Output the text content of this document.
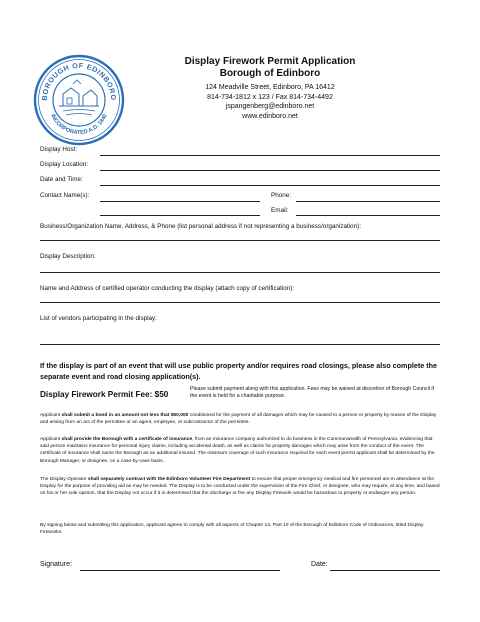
BOROUGH OF EDINBORO
INCORPORATED A.D. 1840
Display Firework Permit Application
Borough of Edinboro
124 Meadville Street, Edinboro, PA 16412
814-734-1812 x 123 / Fax 814-734-4492
jspangenberg@edinboro.net
www.edinboro.net
Display Host:
Display Location:
Date and Time:
Contact Name(s):	Phone:
Email:
Business/Organization Name, Address, & Phone (list personal address if not representing a business/organization):
Display Description:
Name and Address of certified operator conducting the display (attach copy of certification):
List of vendors participating in the display:
If the display is part of an event that will use public property and/or requires road closings, please also complete the separate event and road closing application(s).
Display Firework Permit Fee: $50
Please submit payment along with this application. Fees may be waived at discretion of Borough Council if the event is held for a charitable purpose.
Applicant shall submit a bond in an amount not less that $50,000 conditioned for the payment of all damages which may be caused to a person or property by reason of the Display and arising from an act of the permittee or an agent, employee, or subcontractor of the permittee.
Applicant shall provide the Borough with a certificate of insurance, from an insurance company authorized to do business in the Commonwealth of Pennsylvania, evidencing that said person maintains insurance for personal injury claims, including accidental death, as well as claims for property damages which may arise from the conduct of the event. The certificate of insurance shall name the Borough as an additional insured. The minimum coverage of such insurance required for each event permit applicant shall be determined by the Borough Manager, or designee, on a case-by-case basis.
The Display Operator shall separately contract with the Edinboro Volunteer Fire Department to ensure that proper emergency medical and fire personnel are in attendance at the Display for the purpose of providing aid as may be needed. The Display is to be conducted under the supervision of the Fire Chief, or designee, who may require, at any time, and based on his or her sole opinion, that the Display not occur if it is determined that the discharge or fire any Display Firework would be hazardous to property or endanger any person.
By signing below and submitting this application, applicant agrees to comply with all aspects of Chapter 13, Part 10 of the Borough of Edinboro Code of Ordinances, titled Display Fireworks.
Signature:	Date:
